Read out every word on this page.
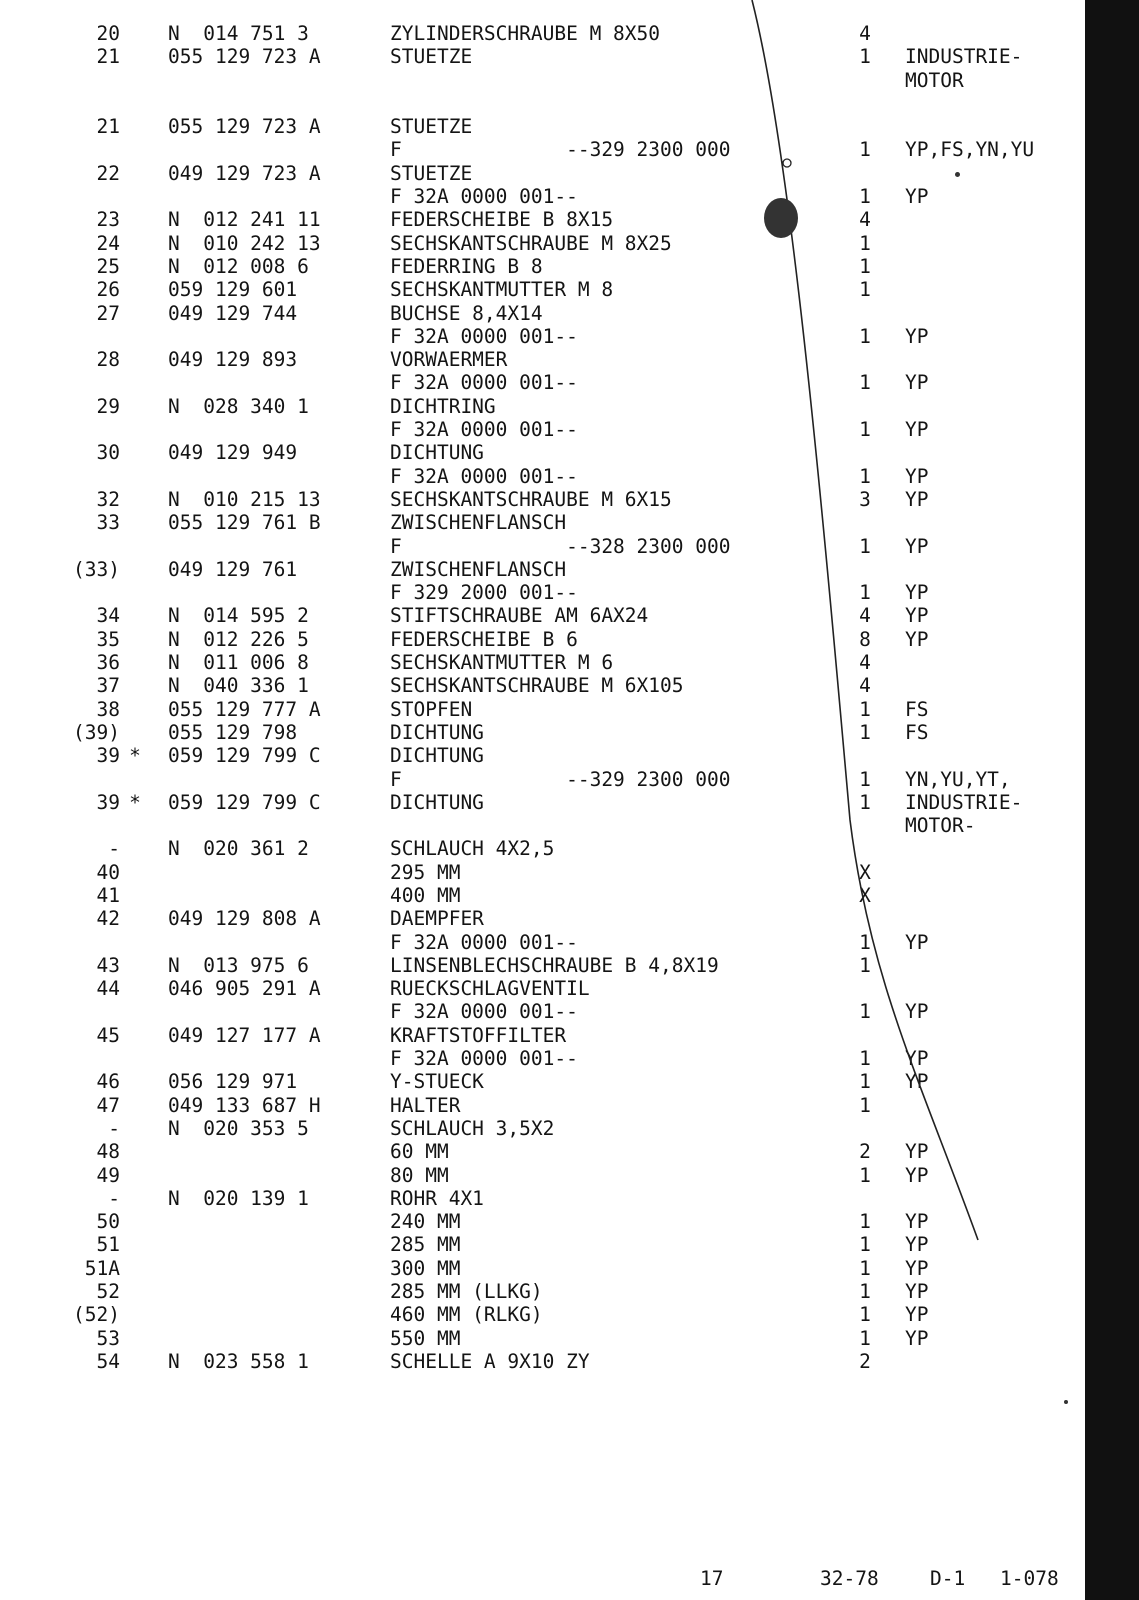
20 N  014 751 3	ZYLINDERSCHRAUBE M 8X50	4
21 055 129 723 A	STUETZE	1	INDUSTRIE-
MOTOR
21 055 129 723 A	STUETZE
F              --329 2300 000	1	YP,FS,YN,YU
22 049 129 723 A	STUETZE
F 32A 0000 001--	1	YP
23 N  012 241 11	FEDERSCHEIBE B 8X15	4
24 N  010 242 13	SECHSKANTSCHRAUBE M 8X25	1
25 N  012 008 6	FEDERRING B 8	1
26 059 129 601	SECHSKANTMUTTER M 8	1
27 049 129 744	BUCHSE 8,4X14
F 32A 0000 001--	1	YP
28 049 129 893	VORWAERMER
F 32A 0000 001--	1	YP
29 N  028 340 1	DICHTRING
F 32A 0000 001--	1	YP
30 049 129 949	DICHTUNG
F 32A 0000 001--	1	YP
32 N  010 215 13	SECHSKANTSCHRAUBE M 6X15	3	YP
33 055 129 761 B	ZWISCHENFLANSCH
F              --328 2300 000	1	YP
(33) 049 129 761	ZWISCHENFLANSCH
F 329 2000 001--	1	YP
34 N  014 595 2	STIFTSCHRAUBE AM 6AX24	4	YP
35 N  012 226 5	FEDERSCHEIBE B 6	8	YP
36 N  011 006 8	SECHSKANTMUTTER M 6	4
37 N  040 336 1	SECHSKANTSCHRAUBE M 6X105	4
38 055 129 777 A	STOPFEN	1	FS
(39) 055 129 798	DICHTUNG	1	FS
39 *	059 129 799 C	DICHTUNG
F              --329 2300 000	1	YN,YU,YT,
39 *	059 129 799 C	DICHTUNG	1	INDUSTRIE-
MOTOR-
- N  020 361 2	SCHLAUCH 4X2,5
40	295 MM	X
41	400 MM	X
42 049 129 808 A	DAEMPFER
F 32A 0000 001--	1	YP
43 N  013 975 6	LINSENBLECHSCHRAUBE B 4,8X19	1
44 046 905 291 A	RUECKSCHLAGVENTIL
F 32A 0000 001--	1	YP
45 049 127 177 A	KRAFTSTOFFILTER
F 32A 0000 001--	1	YP
46 056 129 971	Y-STUECK	1	YP
47 049 133 687 H	HALTER	1
- N  020 353 5	SCHLAUCH 3,5X2
48	60 MM	2	YP
49	80 MM	1	YP
- N  020 139 1	ROHR 4X1
50	240 MM	1	YP
51	285 MM	1	YP
51A	300 MM	1	YP
52	285 MM (LLKG)	1	YP
(52)	460 MM (RLKG)	1	YP
53	550 MM	1	YP
54 N  023 558 1	SCHELLE A 9X10 ZY	2
17	32-78	D-1 1-078
